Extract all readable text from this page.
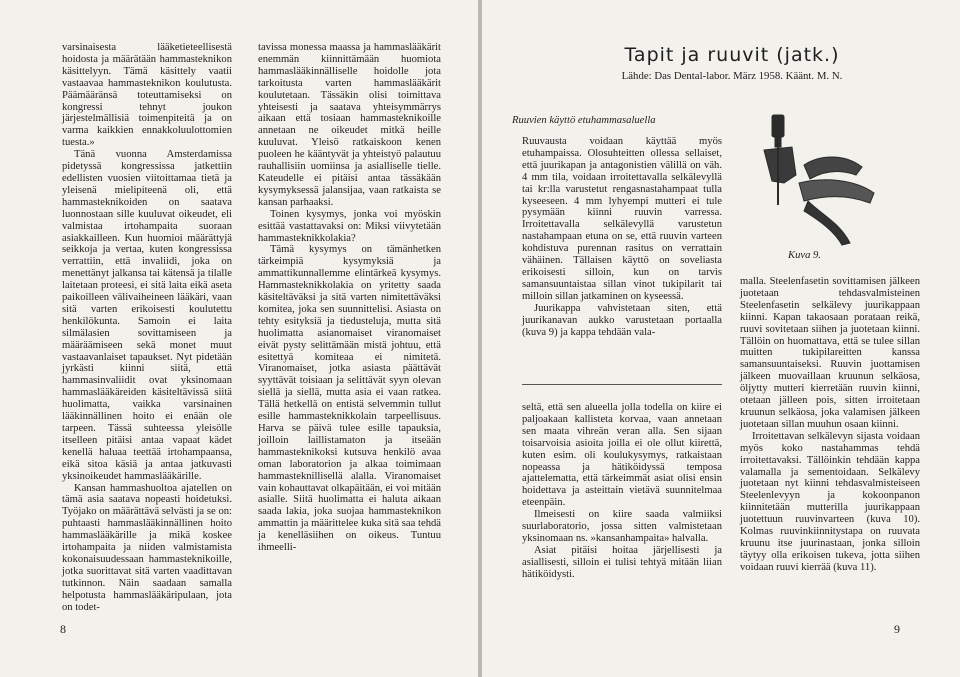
varsinaisesta lääketieteellisestä hoidosta ja määrätään hammasteknikon käsittelyyn. Tämä käsittely vaatii vastaavaa hammasteknikon koulutusta. Päämääränsä toteuttamiseksi on kongressi tehnyt joukon järjestelmällisiä toimenpiteitä ja on varma kaikkien ennakkoluulottomien tuesta.»

Tänä vuonna Amsterdamissa pidetyssä kongressissa jatkettiin edellisten vuosien viitoittamaa tietä ja yleisenä mielipiteenä oli, että hammasteknikoiden on saatava luonnostaan sille kuuluvat oikeudet, eli valmistaa irtohampaita suoraan asiakkailleen. Kun huomioi määrättyjä seikkoja ja vertaa, kuten kongressissa verrattiin, että invaliidi, joka on menettänyt jalkansa tai kätensä ja tilalle laitetaan proteesi, ei sitä laita eikä aseta paikoilleen välivaiheineen lääkäri, vaan sitä varten erikoisesti koulutettu henkilökunta. Samoin ei laita silmälasien sovittamiseen ja määräämiseen sekä monet muut vastaavanlaiset tapaukset. Nyt pidetään jyrkästi kiinni siitä, että hammasinvaliidit ovat yksinomaan hammaslääkäreiden käsiteltävissä siitä huolimatta, vaikka varsinainen lääkinnällinen hoito ei enään ole tarpeen. Tässä suhteessa yleisölle itselleen pitäisi antaa vapaat kädet kenellä haluaa teettää irtohampaansa, eikä sitoa käsiä ja antaa jatkuvasti yksinoikeudet hammaslääkärille.

Kansan hammashuoltoa ajatellen on tämä asia saatava nopeasti hoidetuksi. Työjako on määrättävä selvästi ja se on: puhtaasti hammaslääkinnällinen hoito hammaslääkärille ja mikä koskee irtohampaita ja niiden valmistamista kokonaisuudessaan hammasteknikoille, jotka suorittavat sitä varten vaadittavan tutkinnon. Näin saadaan samalla helpotusta hammaslääkäripulaan, jota on todet-

tavissa monessa maassa ja hammaslääkärit enemmän kiinnittämään huomiota hammaslääkinnälliselle hoidolle jota tarkoitusta varten hammaslääkärit koulutetaan. Tässäkin olisi toimittava yhteisesti ja saatava yhteisymmärrys aikaan että tosiaan hammasteknikoille annetaan ne oikeudet mitkä heille kuuluvat. Yleisö ratkaiskoon kenen puoleen he kääntyvät ja yhteistyö palautuu rauhallisiin uomiinsa ja asialliselle tielle. Kateudelle ei pitäisi antaa tässäkään kysymyksessä jalansijaa, vaan ratkaista se kansan parhaaksi.

Toinen kysymys, jonka voi myöskin esittää vastattavaksi on: Miksi viivytetään hammasteknikkolakia?

Tämä kysymys on tämänhetken tärkeimpiä kysymyksiä ja ammattikunnallemme elintärkeä kysymys. Hammasteknikkolakia on yritetty saada käsiteltäväksi ja sitä varten nimitettäväksi komitea, joka sen suunnittelisi. Asiasta on tehty esityksiä ja tiedusteluja, mutta sitä huolimatta asianomaiset viranomaiset eivät pysty selittämään mistä johtuu, että esitettyä komiteaa ei nimitetä. Viranomaiset, jotka asiasta päättävät syyttävät toisiaan ja selittävät syyn olevan siellä ja siellä, mutta asia ei vaan ratkea. Tällä hetkellä on entistä selvemmin tullut esille hammasteknikkolain tarpeellisuus. Harva se päivä tulee esille tapauksia, joilloin laillistamaton ja itseään hammasteknikoksi kutsuva henkilö avaa oman laboratorion ja alkaa toimimaan hammasteknillisellä alalla. Viranomaiset vain kohauttavat olkapäitään, ei voi mitään asialle. Siitä huolimatta ei haluta aikaan saada lakia, joka suojaa hammasteknikon ammattin ja määrittelee kuka sitä saa tehdä ja kenelläsiihen on oikeus. Tuntuu ihmeelli-

8
Tapit ja ruuvit (jatk.)
Lähde: Das Dental-labor. März 1958. Käänt. M. N.
Ruuvien käyttö etuhammasaluella
Kuva 9.

Ruuvausta voidaan käyttää myös etuhampaissa. Olosuhteitten ollessa sellaiset, että juurikapan ja antagonistien välillä on väh. 4 mm tila, voidaan irroitettavalla selkälevyllä tai kr:lla varustetut rengasnastahampaat tulla kyseeseen. 4 mm lyhyempi mutteri ei tule pysymään kiinni ruuvin varressa. Irroitettavalla selkälevyllä varustetun nastahampaan etuna on se, että ruuvin varteen kohdistuva purennan rasitus on verrattain vähäinen. Tällaisen käyttö on soveliasta erikoisesti silloin, kun on tarvis samansuuntaistaa sillan vinot tukipilarit tai milloin sillan jatkaminen on kyseessä.

Juurikappa vahvistetaan siten, että juurikanavan aukko varustetaan portaalla (kuva 9) ja kappa tehdään vala-

seltä, että sen alueella jolla todella on kiire ei paljoakaan kallisteta korvaa, vaan annetaan sen maata vihreän veran alla. Sen sijaan toisarvoisia asioita joilla ei ole ollut kiirettä, kuten esim. oli koulukysymys, ratkaistaan nopeassa ja hätiköidyssä temposa ajattelematta, että tärkeimmät asiat olisi ensin hoidettava ja asteittain vietävä suunnitelmaa eteenpäin.

Ilmeisesti on kiire saada valmiiksi suurlaboratorio, jossa sitten valmistetaan yksinomaan ns. »kansanhampaita» halvalla.

Asiat pitäisi hoitaa järjellisesti ja asiallisesti, silloin ei tulisi tehtyä mitään liian hätiköidysti.

malla. Steelenfasetin sovittamisen jälkeen juotetaan tehdasvalmisteinen Steelenfasetin selkälevy juurikappaan kiinni. Kapan takaosaan porataan reikä, ruuvi sovitetaan siihen ja juotetaan kiinni. Tällöin on huomattava, että se tulee sillan muitten tukipilareitten kanssa samansuuntaiseksi. Ruuvin juottamisen jälkeen muovaillaan kruunun selkäosa, öljytty mutteri kierretään ruuvin kiinni, otetaan jälleen pois, sitten irroitetaan kruunun selkäosa, joka valamisen jälkeen juotetaan sillan muuhun osaan kiinni.

Irroitettavan selkälevyn sijasta voidaan myös koko nastahammas tehdä irroitettavaksi. Tällöinkin tehdään kappa valamalla ja sementoidaan. Selkälevy juotetaan nyt kiinni tehdasvalmisteiseen Steelenlevyyn ja kokoonpanon kiinnitetään mutterilla juurikappaan juotettuun ruuvinvarteen (kuva 10). Kolmas ruuvinkiinnitystapa on ruuvata kruunu itse juurinastaan, jonka silloin täytyy olla erikoisen tukeva, jotta siihen voidaan ruuvi kierrää (kuva 11).

9
